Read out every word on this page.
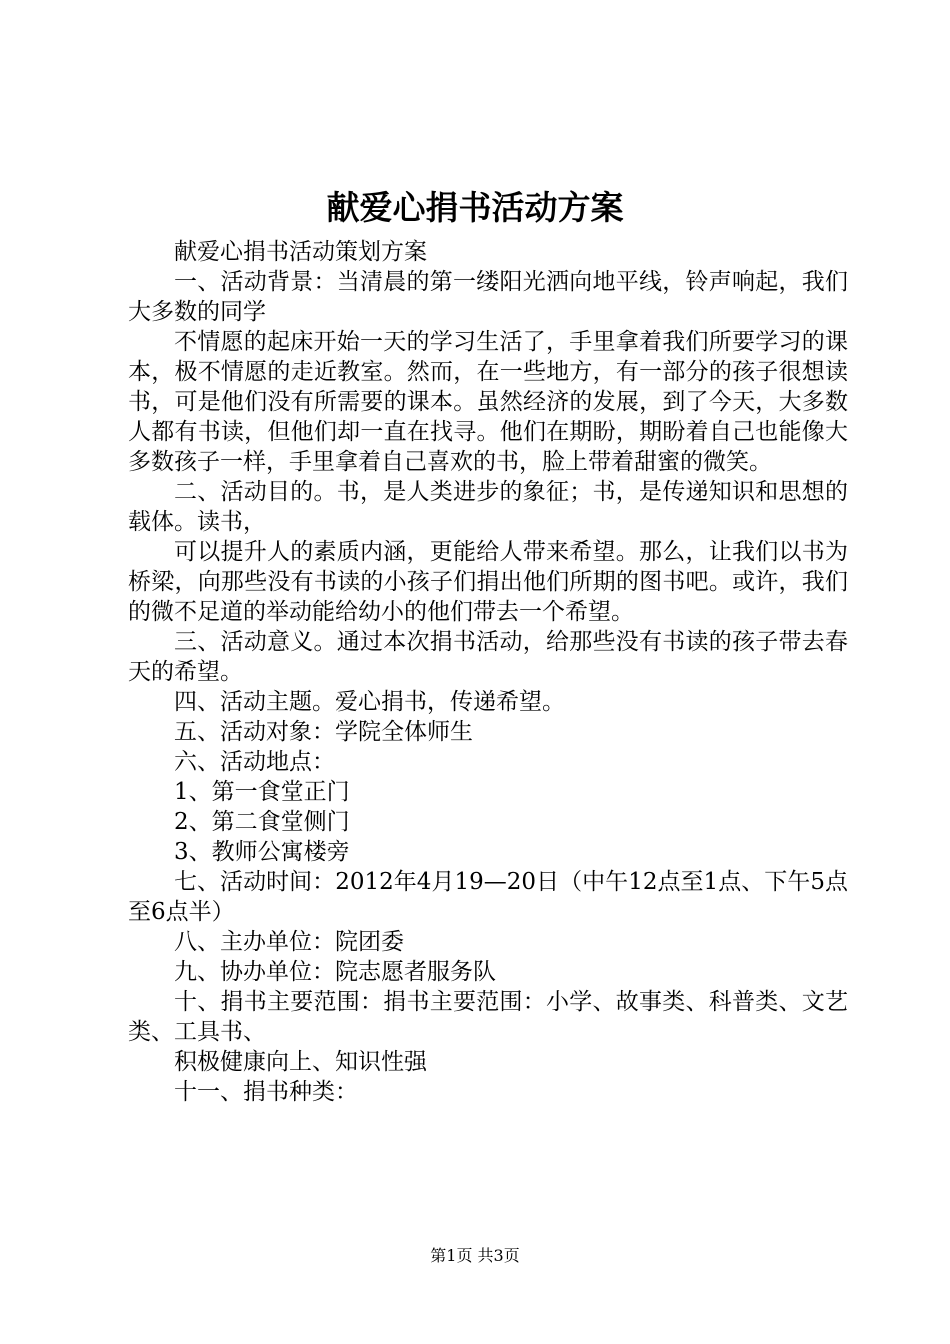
献爱心捐书活动方案

献爱心捐书活动策划方案

一、活动背景：当清晨的第一缕阳光洒向地平线，铃声响起，我们大多数的同学

不情愿的起床开始一天的学习生活了，手里拿着我们所要学习的课本，极不情愿的走近教室。然而，在一些地方，有一部分的孩子很想读书，可是他们没有所需要的课本。虽然经济的发展，到了今天，大多数人都有书读，但他们却一直在找寻。他们在期盼，期盼着自己也能像大多数孩子一样，手里拿着自己喜欢的书，脸上带着甜蜜的微笑。

二、活动目的。书，是人类进步的象征；书，是传递知识和思想的载体。读书，

可以提升人的素质内涵，更能给人带来希望。那么，让我们以书为桥梁，向那些没有书读的小孩子们捐出他们所期的图书吧。或许，我们的微不足道的举动能给幼小的他们带去一个希望。

三、活动意义。通过本次捐书活动，给那些没有书读的孩子带去春天的希望。

四、活动主题。爱心捐书，传递希望。

五、活动对象：学院全体师生

六、活动地点：

1、第一食堂正门

2、第二食堂侧门

3、教师公寓楼旁

七、活动时间：2012年4月19—20日（中午12点至1点、下午5点至6点半）

八、主办单位：院团委

九、协办单位：院志愿者服务队

十、捐书主要范围：捐书主要范围：小学、故事类、科普类、文艺类、工具书、

积极健康向上、知识性强

十一、捐书种类：

第1页 共3页
